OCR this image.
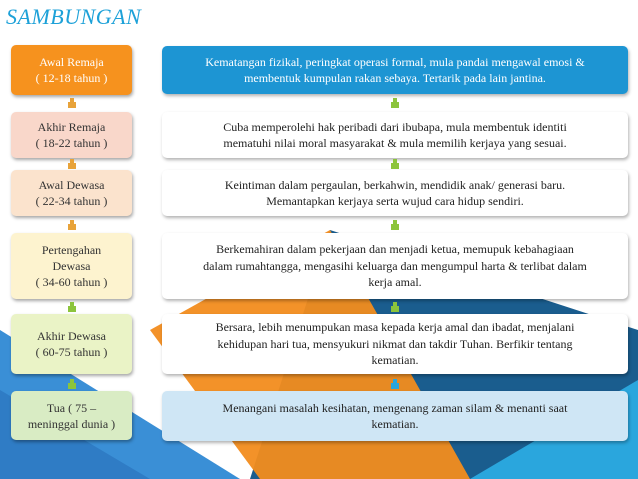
SAMBUNGAN
Awal Remaja
( 12-18 tahun )
Akhir Remaja
( 18-22 tahun )
Awal Dewasa
( 22-34 tahun )
Pertengahan
Dewasa
( 34-60 tahun )
Akhir Dewasa
( 60-75 tahun )
Tua ( 75 –
meninggal dunia )
Kematangan fizikal, peringkat operasi formal, mula pandai mengawal emosi &
membentuk kumpulan rakan sebaya. Tertarik pada lain jantina.
Cuba memperolehi hak peribadi dari ibubapa, mula membentuk identiti
mematuhi nilai moral masyarakat & mula memilih kerjaya yang sesuai.
Keintiman dalam pergaulan, berkahwin, mendidik anak/ generasi baru.
Memantapkan kerjaya serta wujud cara hidup sendiri.
Berkemahiran dalam pekerjaan dan menjadi ketua, memupuk kebahagiaan
dalam rumahtangga, mengasihi keluarga dan mengumpul harta & terlibat dalam
kerja amal.
Bersara, lebih menumpukan masa kepada kerja amal dan ibadat, menjalani
kehidupan hari tua, mensyukuri nikmat dan takdir Tuhan. Berfikir tentang
kematian.
Menangani masalah kesihatan, mengenang zaman silam & menanti saat
kematian.
